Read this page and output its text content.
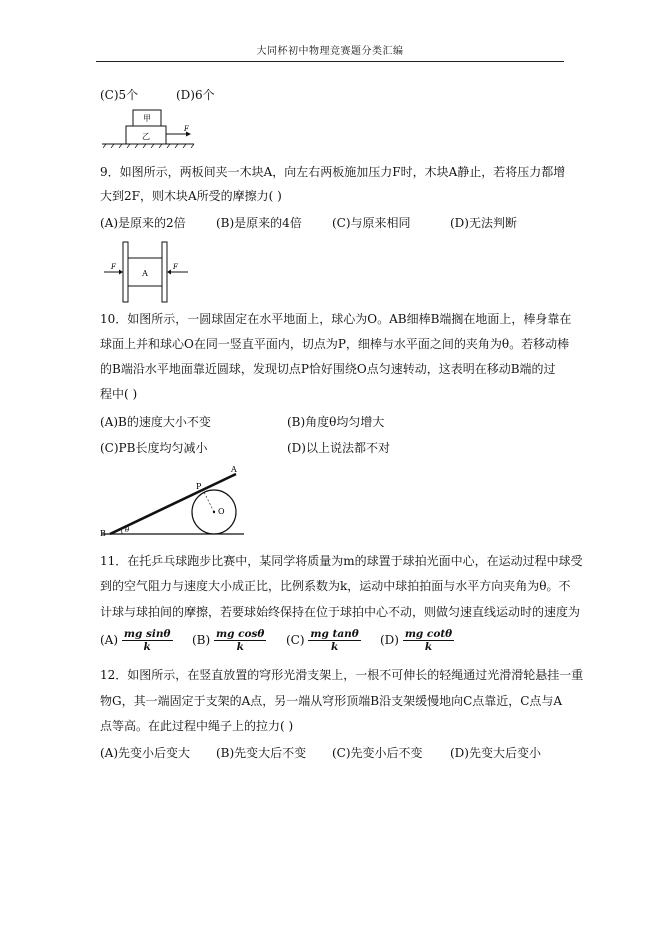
大同杯初中物理竞赛题分类汇编
(C)5个	(D)6个
甲
乙
F
9．如图所示，两板间夹一木块A，向左右两板施加压力F时，木块A静止，若将压力都增
大到2F，则木块A所受的摩擦力( )
(A)是原来的2倍	(B)是原来的4倍	(C)与原来相同	(D)无法判断
A
F	F
10．如图所示，一圆球固定在水平地面上，球心为O。AB细棒B端搁在地面上，棒身靠在
球面上并和球心O在同一竖直平面内，切点为P，细棒与水平面之间的夹角为θ。若移动棒
的B端沿水平地面靠近圆球，发现切点P恰好围绕O点匀速转动，这表明在移动B端的过
程中( )
(A)B的速度大小不变	(B)角度θ均匀增大
(C)PB长度均匀减小	(D)以上说法都不对
A
P
O
B	θ
11．在托乒乓球跑步比赛中，某同学将质量为m的球置于球拍光面中心，在运动过程中球受
到的空气阻力与速度大小成正比，比例系数为k，运动中球拍拍面与水平方向夹角为θ。不
计球与球拍间的摩擦，若要球始终保持在位于球拍中心不动，则做匀速直线运动时的速度为
$(A) \frac{\text{mg sinθ}}{k} (B) \frac{\text{mg cosθ}}{k} (C) \frac{\text{mg tanθ}}{k} (D) \frac{\text{mg cotθ}}{k}$
12．如图所示，在竖直放置的穹形光滑支架上，一根不可伸长的轻绳通过光滑滑轮悬挂一重
物G，其一端固定于支架的A点，另一端从穹形顶端B沿支架缓慢地向C点靠近，C点与A
点等高。在此过程中绳子上的拉力( )
(A)先变小后变大 (B)先变大后不变 (C)先变小后不变 (D)先变大后变小
